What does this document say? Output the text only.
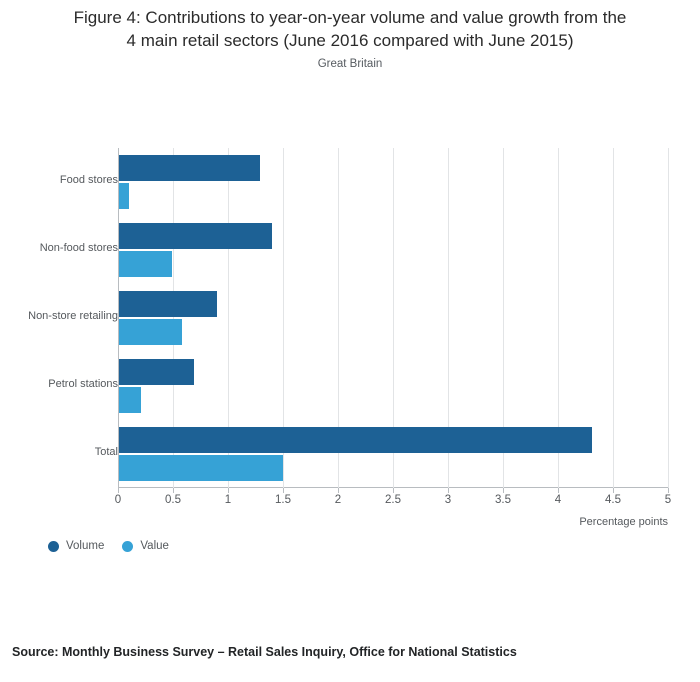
Figure 4: Contributions to year-on-year volume and value growth from the
4 main retail sectors (June 2016 compared with June 2015)
Great Britain
0	0.5	1	1.5	2	2.5	3	3.5	4	4.5	5
Percentage points
Volume	Value
Source: Monthly Business Survey – Retail Sales Inquiry, Office for National Statistics
Food stores
Non-food stores
Non-store retailing
Petrol stations
Total
